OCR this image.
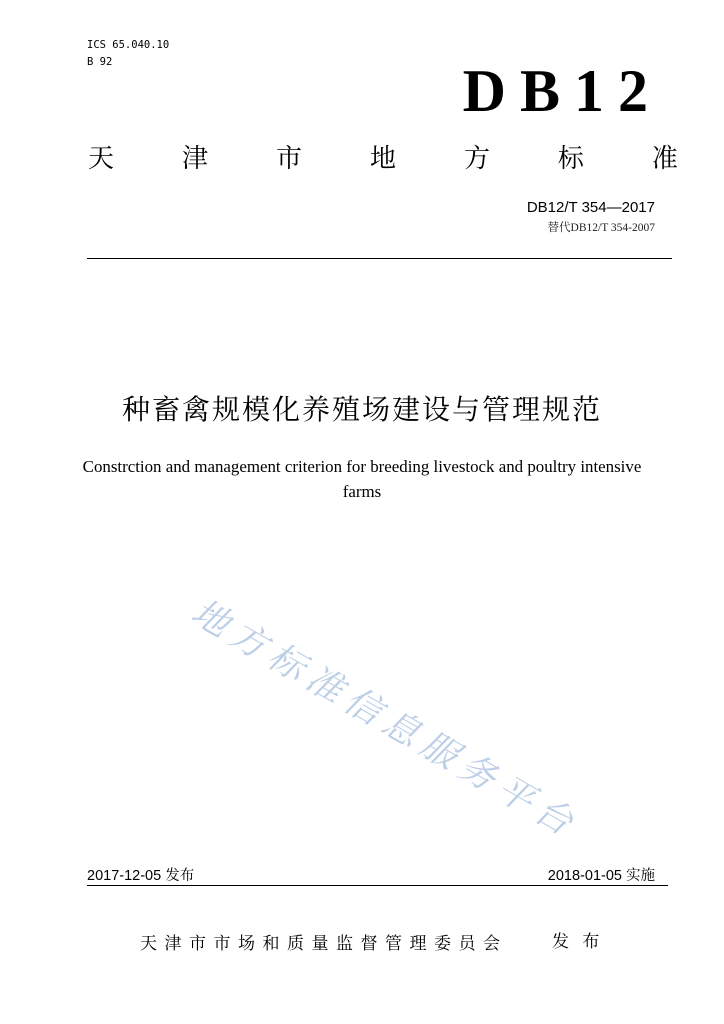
ICS 65.040.10
B 92	DB12
天	津	市	地	方	标	准
DB12/T 354—2017
替代DB12/T 354-2007
种畜禽规模化养殖场建设与管理规范
Constrction and management criterion for breeding livestock and poultry intensive farms
地方标准信息服务平台
2017-12-05 发布	2018-01-05 实施
天津市市场和质量监督管理委员会	发 布
